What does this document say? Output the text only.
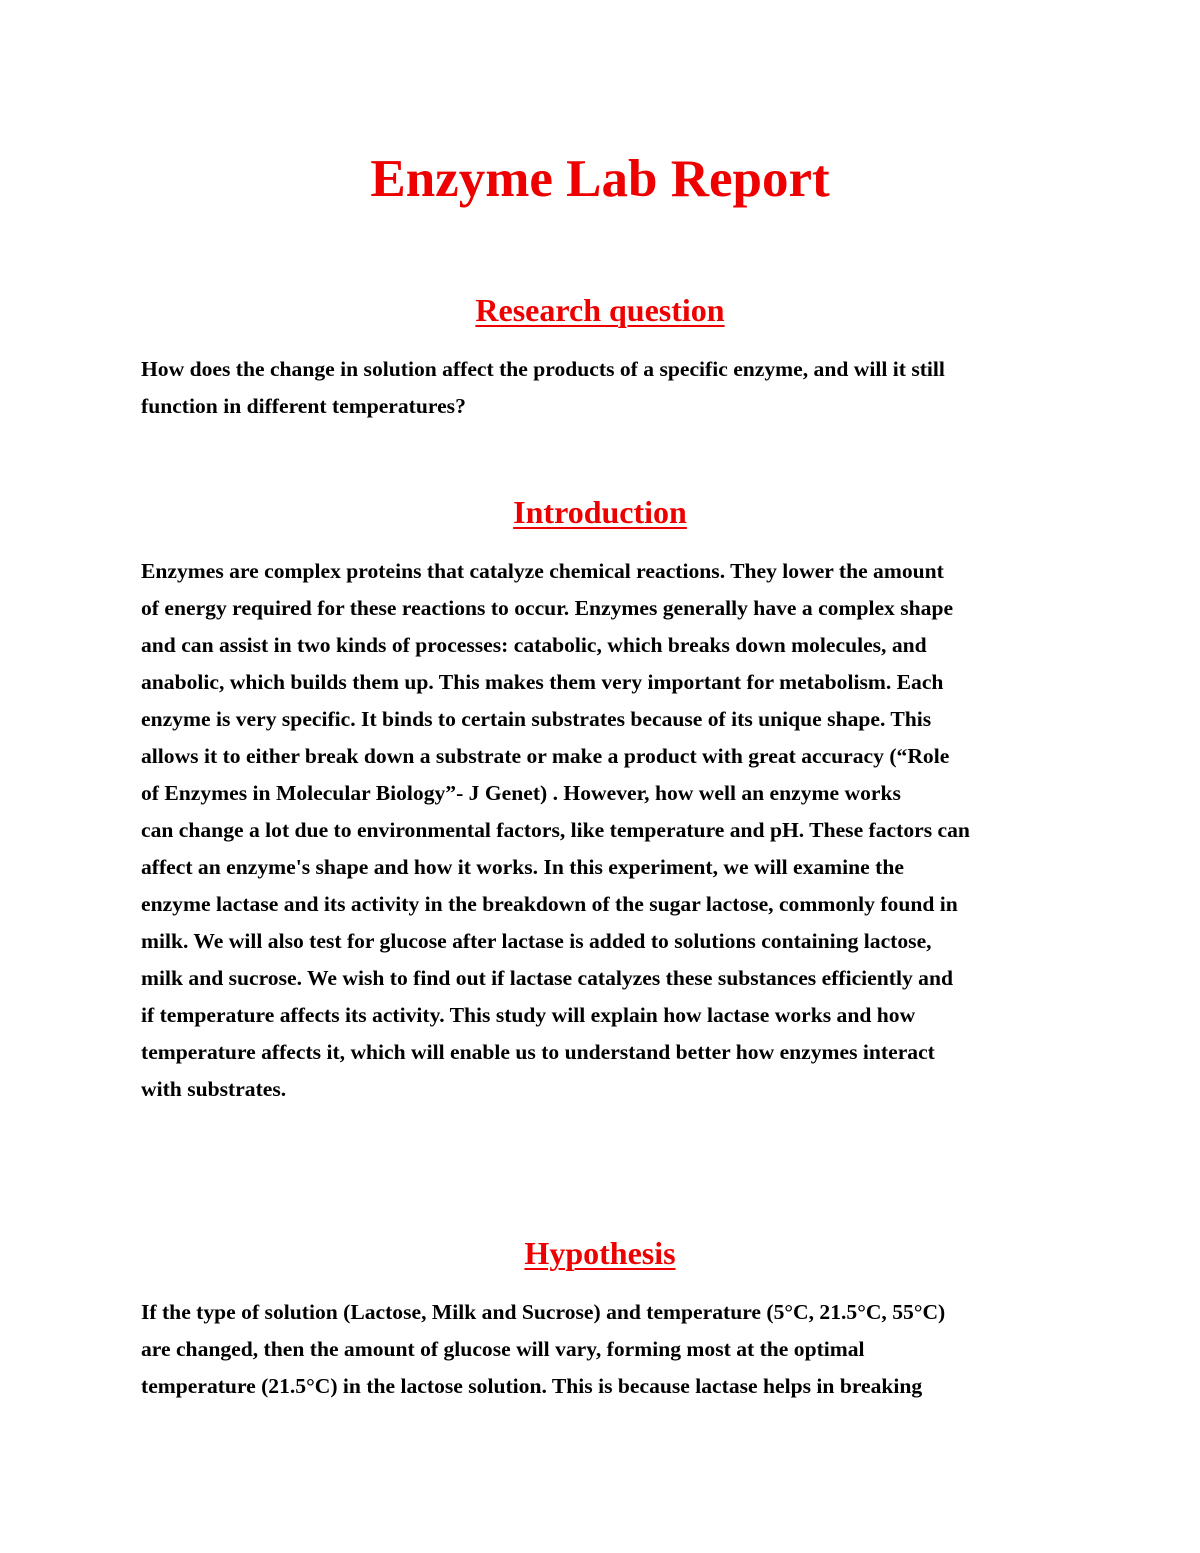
Enzyme Lab Report
Research question
How does the change in solution affect the products of a specific enzyme, and will it still
function in different temperatures?
Introduction
Enzymes are complex proteins that catalyze chemical reactions. They lower the amount
of energy required for these reactions to occur. Enzymes generally have a complex shape
and can assist in two kinds of processes: catabolic, which breaks down molecules, and
anabolic, which builds them up. This makes them very important for metabolism. Each
enzyme is very specific. It binds to certain substrates because of its unique shape. This
allows it to either break down a substrate or make a product with great accuracy (“Role
of Enzymes in Molecular Biology”- J Genet) . However, how well an enzyme works
can change a lot due to environmental factors, like temperature and pH. These factors can
affect an enzyme's shape and how it works. In this experiment, we will examine the
enzyme lactase and its activity in the breakdown of the sugar lactose, commonly found in
milk. We will also test for glucose after lactase is added to solutions containing lactose,
milk and sucrose. We wish to find out if lactase catalyzes these substances efficiently and
if temperature affects its activity. This study will explain how lactase works and how
temperature affects it, which will enable us to understand better how enzymes interact
with substrates.
Hypothesis
If the type of solution (Lactose, Milk and Sucrose) and temperature (5°C, 21.5°C, 55°C)
are changed, then the amount of glucose will vary, forming most at the optimal
temperature (21.5°C) in the lactose solution. This is because lactase helps in breaking
